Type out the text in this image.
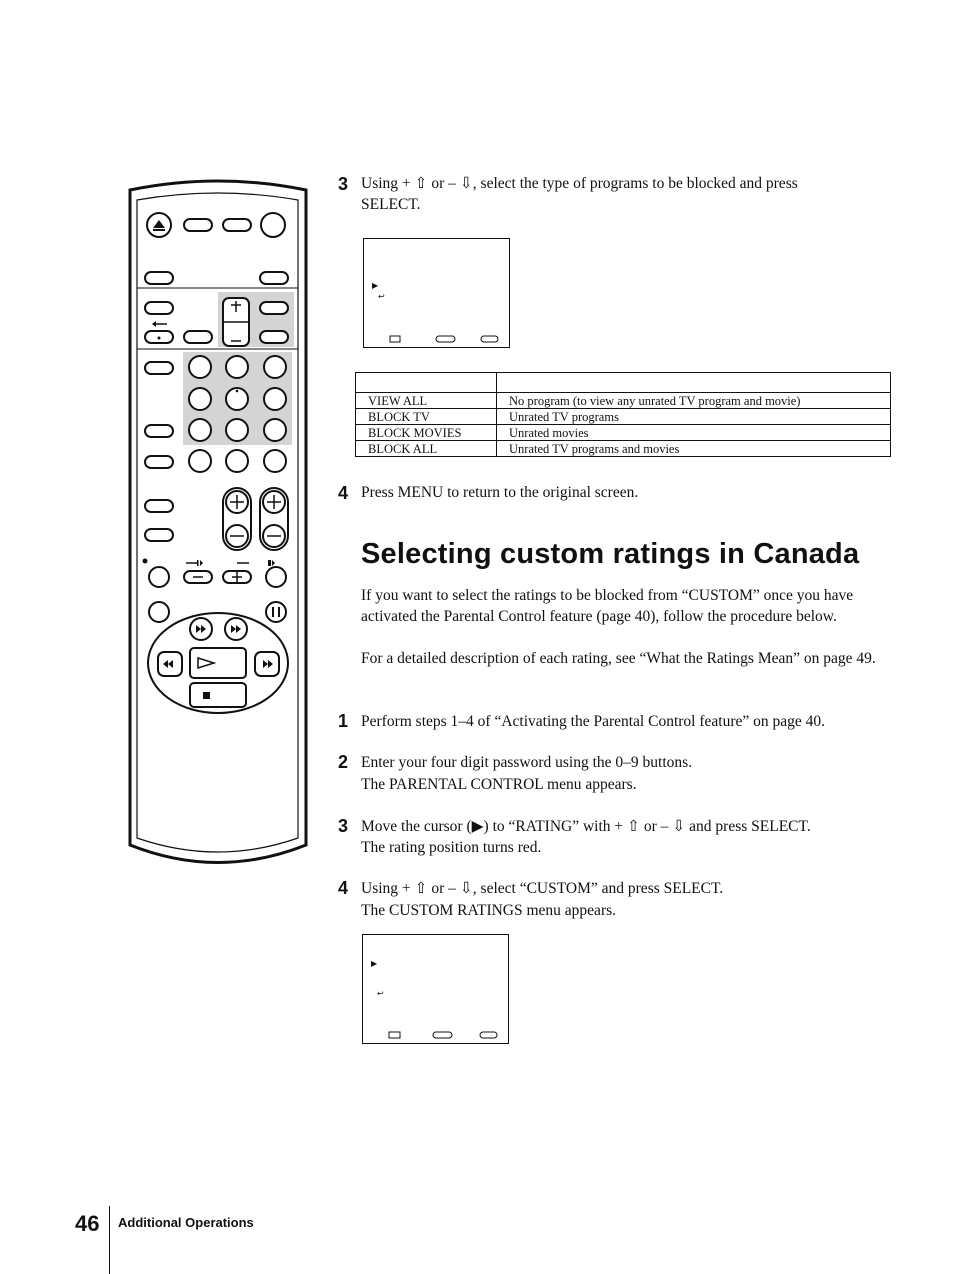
3 Using + ⇧ or – ⇩, select the type of programs to be blocked and press SELECT.
▶
↩

VIEW ALL	No program (to view any unrated TV program and movie)
BLOCK TV	Unrated TV programs
BLOCK MOVIES	Unrated movies
BLOCK ALL	Unrated TV programs and movies
4 Press MENU to return to the original screen.
Selecting custom ratings in Canada
If you want to select the ratings to be blocked from “CUSTOM” once you have activated the Parental Control feature (page 40), follow the procedure below.
For a detailed description of each rating, see “What the Ratings Mean” on page 49.
1 Perform steps 1–4 of “Activating the Parental Control feature” on page 40.
2 Enter your four digit password using the 0–9 buttons.
The PARENTAL CONTROL menu appears.
3 Move the cursor (▶) to “RATING” with + ⇧ or – ⇩ and press SELECT.
The rating position turns red.
4 Using + ⇧ or – ⇩, select “CUSTOM” and press SELECT.
The CUSTOM RATINGS menu appears.
▶
↩
46 Additional Operations
